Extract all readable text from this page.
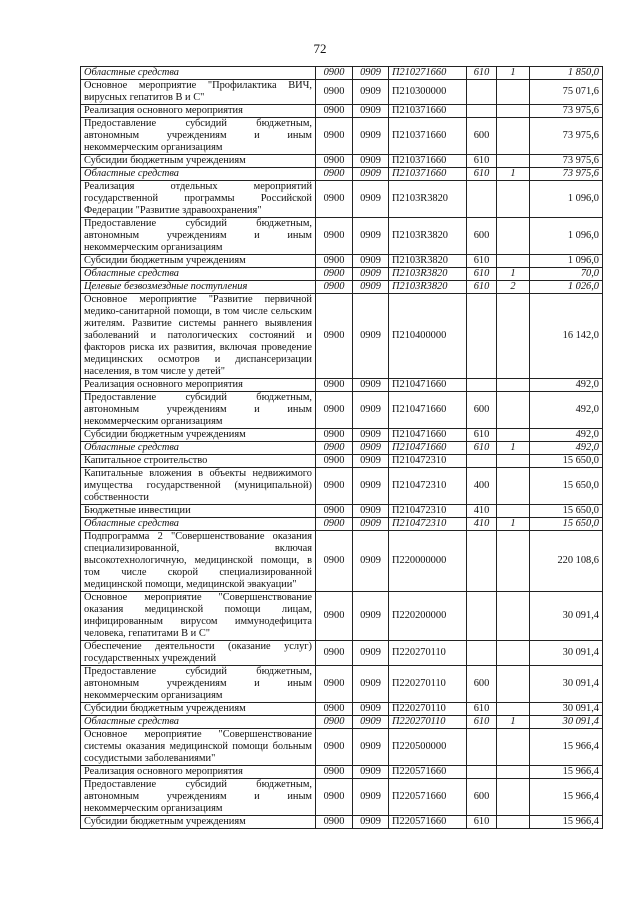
72
Областные средства	0900	0909	П210271660	610	1	1 850,0
Основное мероприятие "Профилактика ВИЧ, вирусных гепатитов В и С"	0900	0909	П210300000			75 071,6
Реализация основного мероприятия	0900	0909	П210371660			73 975,6
Предоставление субсидий бюджетным, автономным учреждениям и иным некоммерческим организациям	0900	0909	П210371660	600		73 975,6
Субсидии бюджетным учреждениям	0900	0909	П210371660	610		73 975,6
Областные средства	0900	0909	П210371660	610	1	73 975,6
Реализация отдельных мероприятий государственной программы Российской Федерации "Развитие здравоохранения"	0900	0909	П2103R3820			1 096,0
Предоставление субсидий бюджетным, автономным учреждениям и иным некоммерческим организациям	0900	0909	П2103R3820	600		1 096,0
Субсидии бюджетным учреждениям	0900	0909	П2103R3820	610		1 096,0
Областные средства	0900	0909	П2103R3820	610	1	70,0
Целевые безвозмездные поступления	0900	0909	П2103R3820	610	2	1 026,0
Основное мероприятие "Развитие первичной медико-санитарной помощи, в том числе сельским жителям. Развитие системы раннего выявления заболеваний и патологических состояний и факторов риска их развития, включая проведение медицинских осмотров и диспансеризации населения, в том числе у детей"	0900	0909	П210400000			16 142,0
Реализация основного мероприятия	0900	0909	П210471660			492,0
Предоставление субсидий бюджетным, автономным учреждениям и иным некоммерческим организациям	0900	0909	П210471660	600		492,0
Субсидии бюджетным учреждениям	0900	0909	П210471660	610		492,0
Областные средства	0900	0909	П210471660	610	1	492,0
Капитальное строительство	0900	0909	П210472310			15 650,0
Капитальные вложения в объекты недвижимого имущества государственной (муниципальной) собственности	0900	0909	П210472310	400		15 650,0
Бюджетные инвестиции	0900	0909	П210472310	410		15 650,0
Областные средства	0900	0909	П210472310	410	1	15 650,0
Подпрограмма 2 "Совершенствование оказания специализированной, включая высокотехнологичную, медицинской помощи, в том числе скорой специализированной медицинской помощи, медицинской эвакуации"	0900	0909	П220000000			220 108,6
Основное мероприятие "Совершенствование оказания медицинской помощи лицам, инфицированным вирусом иммунодефицита человека, гепатитами В и С"	0900	0909	П220200000			30 091,4
Обеспечение деятельности (оказание услуг) государственных учреждений	0900	0909	П220270110			30 091,4
Предоставление субсидий бюджетным, автономным учреждениям и иным некоммерческим организациям	0900	0909	П220270110	600		30 091,4
Субсидии бюджетным учреждениям	0900	0909	П220270110	610		30 091,4
Областные средства	0900	0909	П220270110	610	1	30 091,4
Основное мероприятие "Совершенствование системы оказания медицинской помощи больным сосудистыми заболеваниями"	0900	0909	П220500000			15 966,4
Реализация основного мероприятия	0900	0909	П220571660			15 966,4
Предоставление субсидий бюджетным, автономным учреждениям и иным некоммерческим организациям	0900	0909	П220571660	600		15 966,4
Субсидии бюджетным учреждениям	0900	0909	П220571660	610		15 966,4
